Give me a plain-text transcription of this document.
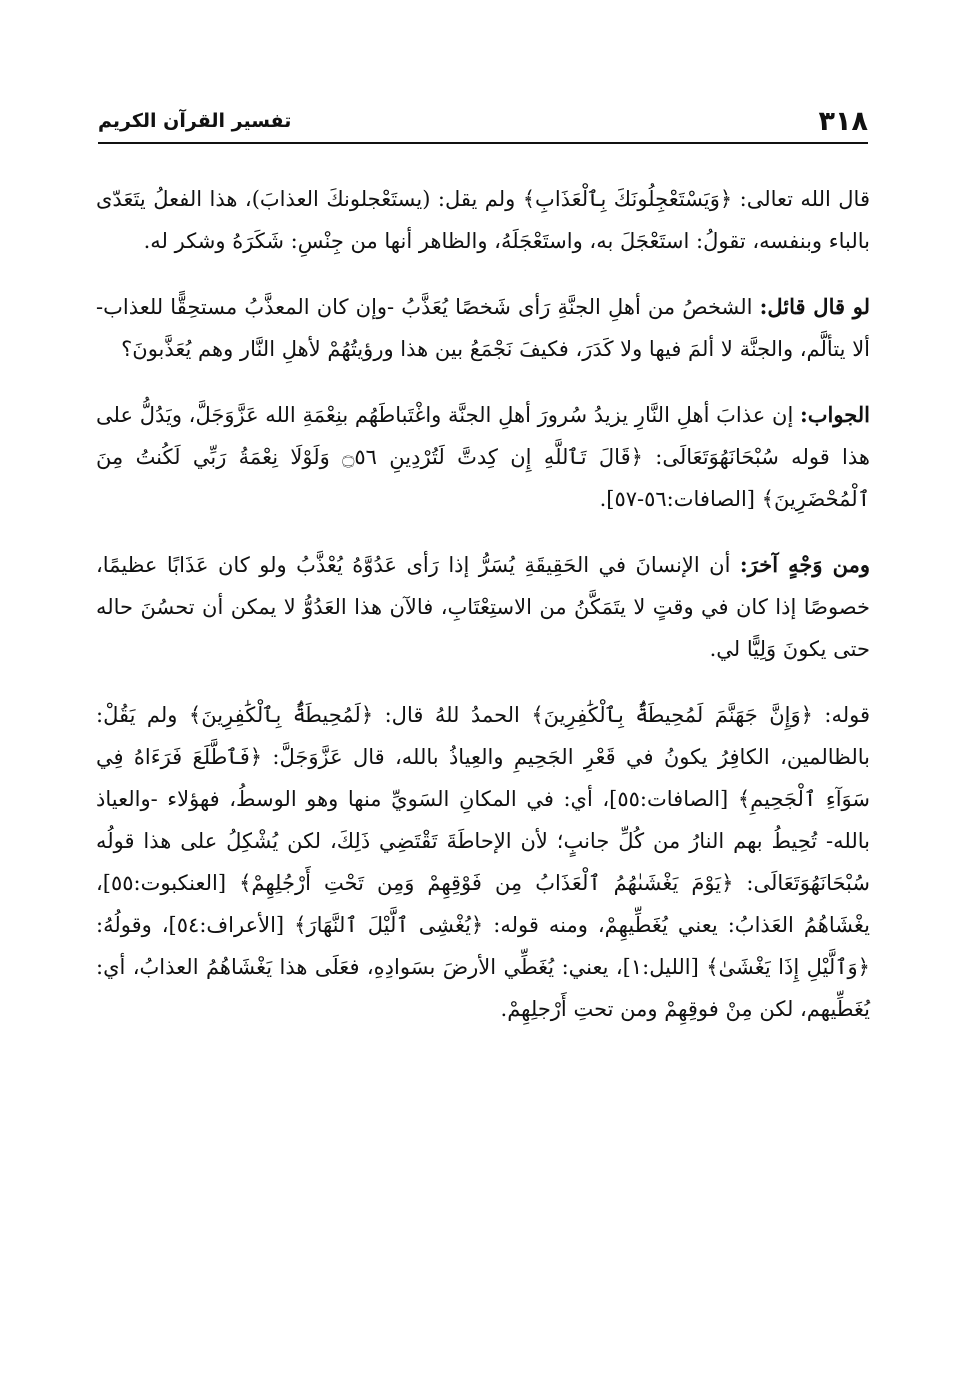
٣١٨
تفسير القرآن الكريم

قال الله تعالى: ﴿وَيَسْتَعْجِلُونَكَ بِٱلْعَذَابِ﴾ ولم يقل: (يستَعْجلونكَ العذابَ)، هذا الفعلُ يتَعَدّى بالباء وبنفسه، تقولُ: استَعْجَلَ به، واستَعْجَلَهُ، والظاهر أنها من جِنْسِ: شَكَرَهُ وشكر له.

لو قال قائل: الشخصُ من أهلِ الجنَّةِ رَأى شَخصًا يُعَذَّبُ -وإن كان المعذَّبُ مستحِقًّا للعذاب- ألا يتألَّم، والجنَّة لا ألمَ فيها ولا كَدَرَ، فكيفَ نَجْمَعُ بين هذا ورؤيتُهُمْ لأهلِ النَّار وهم يُعَذَّبونَ؟

الجواب: إن عذابَ أهلِ النَّارِ يزيدُ سُرورَ أهلِ الجنَّة واغْتَباطَهُم بنِعْمَةِ الله عَزَّوَجَلَّ، ويَدُلُّ على هذا قوله سُبْحَانَهُوَتَعَالَى: ﴿قَالَ تَٱللَّهِ إِن كِدتَّ لَتُرْدِينِ ۝٥٦ وَلَوْلَا نِعْمَةُ رَبِّي لَكُنتُ مِنَ ٱلْمُحْضَرِينَ﴾ [الصافات:٥٦-٥٧].

ومن وَجْهٍ آخرَ: أن الإنسانَ في الحَقِيقَةِ يُسَرُّ إذا رَأى عَدُوَّهُ يُعْذَّبُ ولو كان عَذَابًا عظيمًا، خصوصًا إذا كان في وقتٍ لا يتَمَكَّنُ من الاستِعْتَابِ، فالآن هذا العَدُوُّ لا يمكن أن تحسُنَ حاله حتى يكونَ وَلِيًّا لي.

قوله: ﴿وَإِنَّ جَهَنَّمَ لَمُحِيطَةٌۢ بِٱلْكَٰفِرِينَ﴾ الحمدُ للهُ قال: ﴿لَمُحِيطَةٌۢ بِٱلْكَٰفِرِينَ﴾ ولم يَقُلْ: بالظالمين، الكافِرُ يكونُ في قَعْرِ الجَحِيمِ والعِياذُ بالله، قال عَزَّوَجَلَّ: ﴿فَٱطَّلَعَ فَرَءَاهُ فِي سَوَآءِ ٱلْجَحِيمِ﴾ [الصافات:٥٥]، أي: في المكانِ السَويِّ منها وهو الوسطُ، فهؤلاء -والعياذ بالله- تُحِيطُ بهم النارُ من كُلِّ جانبٍ؛ لأن الإحاطَةَ تَقْتَضِي ذَلِكَ، لكن يُشْكِلُ على هذا قولُه سُبْحَانَهُوَتَعَالَى: ﴿يَوْمَ يَغْشَىٰهُمُ ٱلْعَذَابُ مِن فَوْقِهِمْ وَمِن تَحْتِ أَرْجُلِهِمْ﴾ [العنكبوت:٥٥]، يغْشَاهُمُ العَذابُ: يعني يُغَطِّيهِمْ، ومنه قوله: ﴿يُغْشِى ٱلَّيْلَ ٱلنَّهَارَ﴾ [الأعراف:٥٤]، وقولُهُ: ﴿وَٱلَّيْلِ إِذَا يَغْشَىٰ﴾ [الليل:١]، يعني: يُغَطِّي الأرضَ بسَوادِهِ، فعَلَى هذا يَغْشَاهُمُ العذابُ، أي: يُغَطِّيهم، لكن مِنْ فوقِهِمْ ومن تحتِ أَرْجلِهِمْ.
